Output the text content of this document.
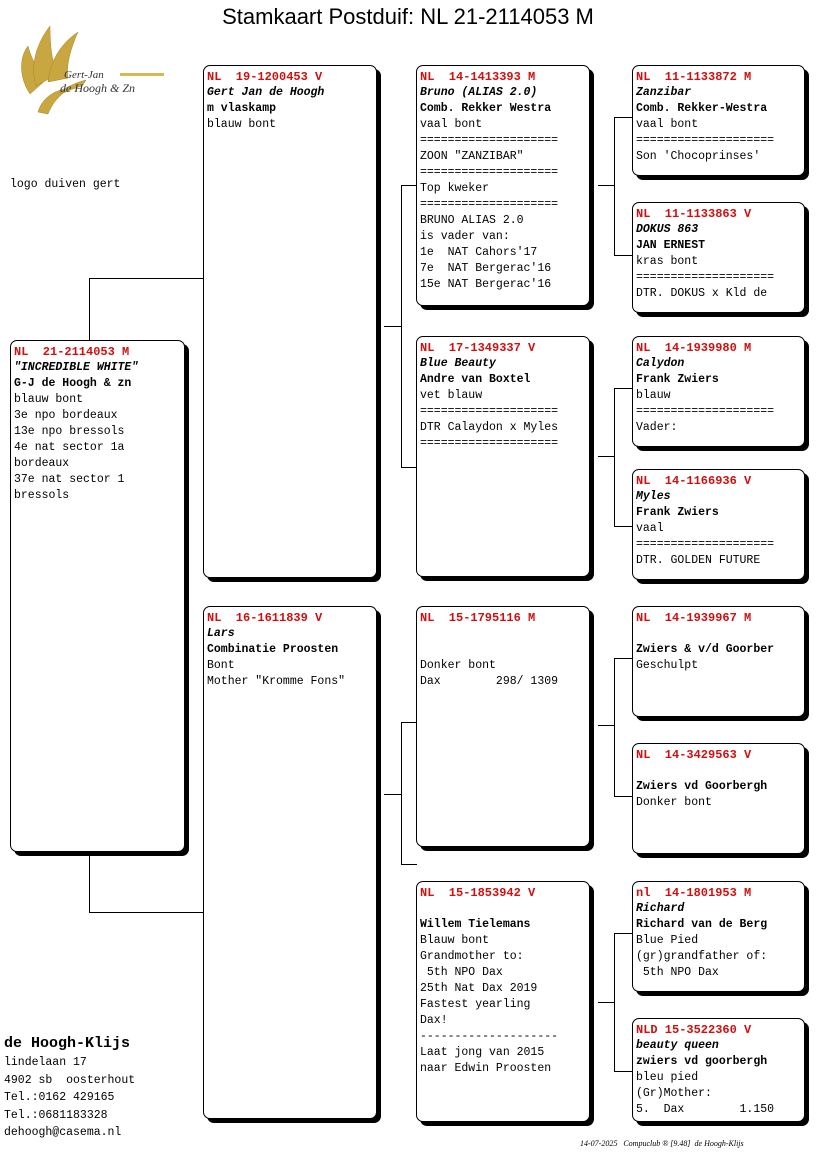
Stamkaart Postduif: NL 21-2114053 M
Gert-Jan
de Hoogh & Zn
logo duiven gert
NL  21-2114053 M
"INCREDIBLE WHITE"
G-J de Hoogh & zn
blauw bont
3e npo bordeaux
13e npo bressols
4e nat sector 1a
bordeaux
37e nat sector 1
bressols
NL  19-1200453 V
Gert Jan de Hoogh
m vlaskamp
blauw bont
NL  16-1611839 V
Lars
Combinatie Proosten
Bont
Mother "Kromme Fons"
NL  14-1413393 M
Bruno (ALIAS 2.0)
Comb. Rekker Westra
vaal bont
====================
ZOON "ZANZIBAR"
====================
Top kweker
====================
BRUNO ALIAS 2.0
is vader van:
1e  NAT Cahors'17
7e  NAT Bergerac'16
15e NAT Bergerac'16
NL  17-1349337 V
Blue Beauty
Andre van Boxtel
vet blauw
====================
DTR Calaydon x Myles
====================
NL  15-1795116 M

Donker bont
Dax        298/ 1309
NL  15-1853942 V

Willem Tielemans
Blauw bont
Grandmother to:
5th NPO Dax
25th Nat Dax 2019
Fastest yearling
Dax!
--------------------
Laat jong van 2015
naar Edwin Proosten
NL  11-1133872 M
Zanzibar
Comb. Rekker-Westra
vaal bont
====================
Son 'Chocoprinses'
NL  11-1133863 V
DOKUS 863
JAN ERNEST
kras bont
====================
DTR. DOKUS x Kld de
NL  14-1939980 M
Calydon
Frank Zwiers
blauw
====================
Vader:
NL  14-1166936 V
Myles
Frank Zwiers
vaal
====================
DTR. GOLDEN FUTURE
NL  14-1939967 M

Zwiers & v/d Goorber
Geschulpt
NL  14-3429563 V

Zwiers vd Goorbergh
Donker bont
nl  14-1801953 M
Richard
Richard van de Berg
Blue Pied
(gr)grandfather of:
5th NPO Dax
NLD 15-3522360 V
beauty queen
zwiers vd goorbergh
bleu pied
(Gr)Mother:
5.  Dax        1.150
de Hoogh-Klijs
lindelaan 17
4902 sb  oosterhout
Tel.:0162 429165
Tel.:0681183328
dehoogh@casema.nl
14-07-2025   Compuclub ® [9.48]  de Hoogh-Klijs
